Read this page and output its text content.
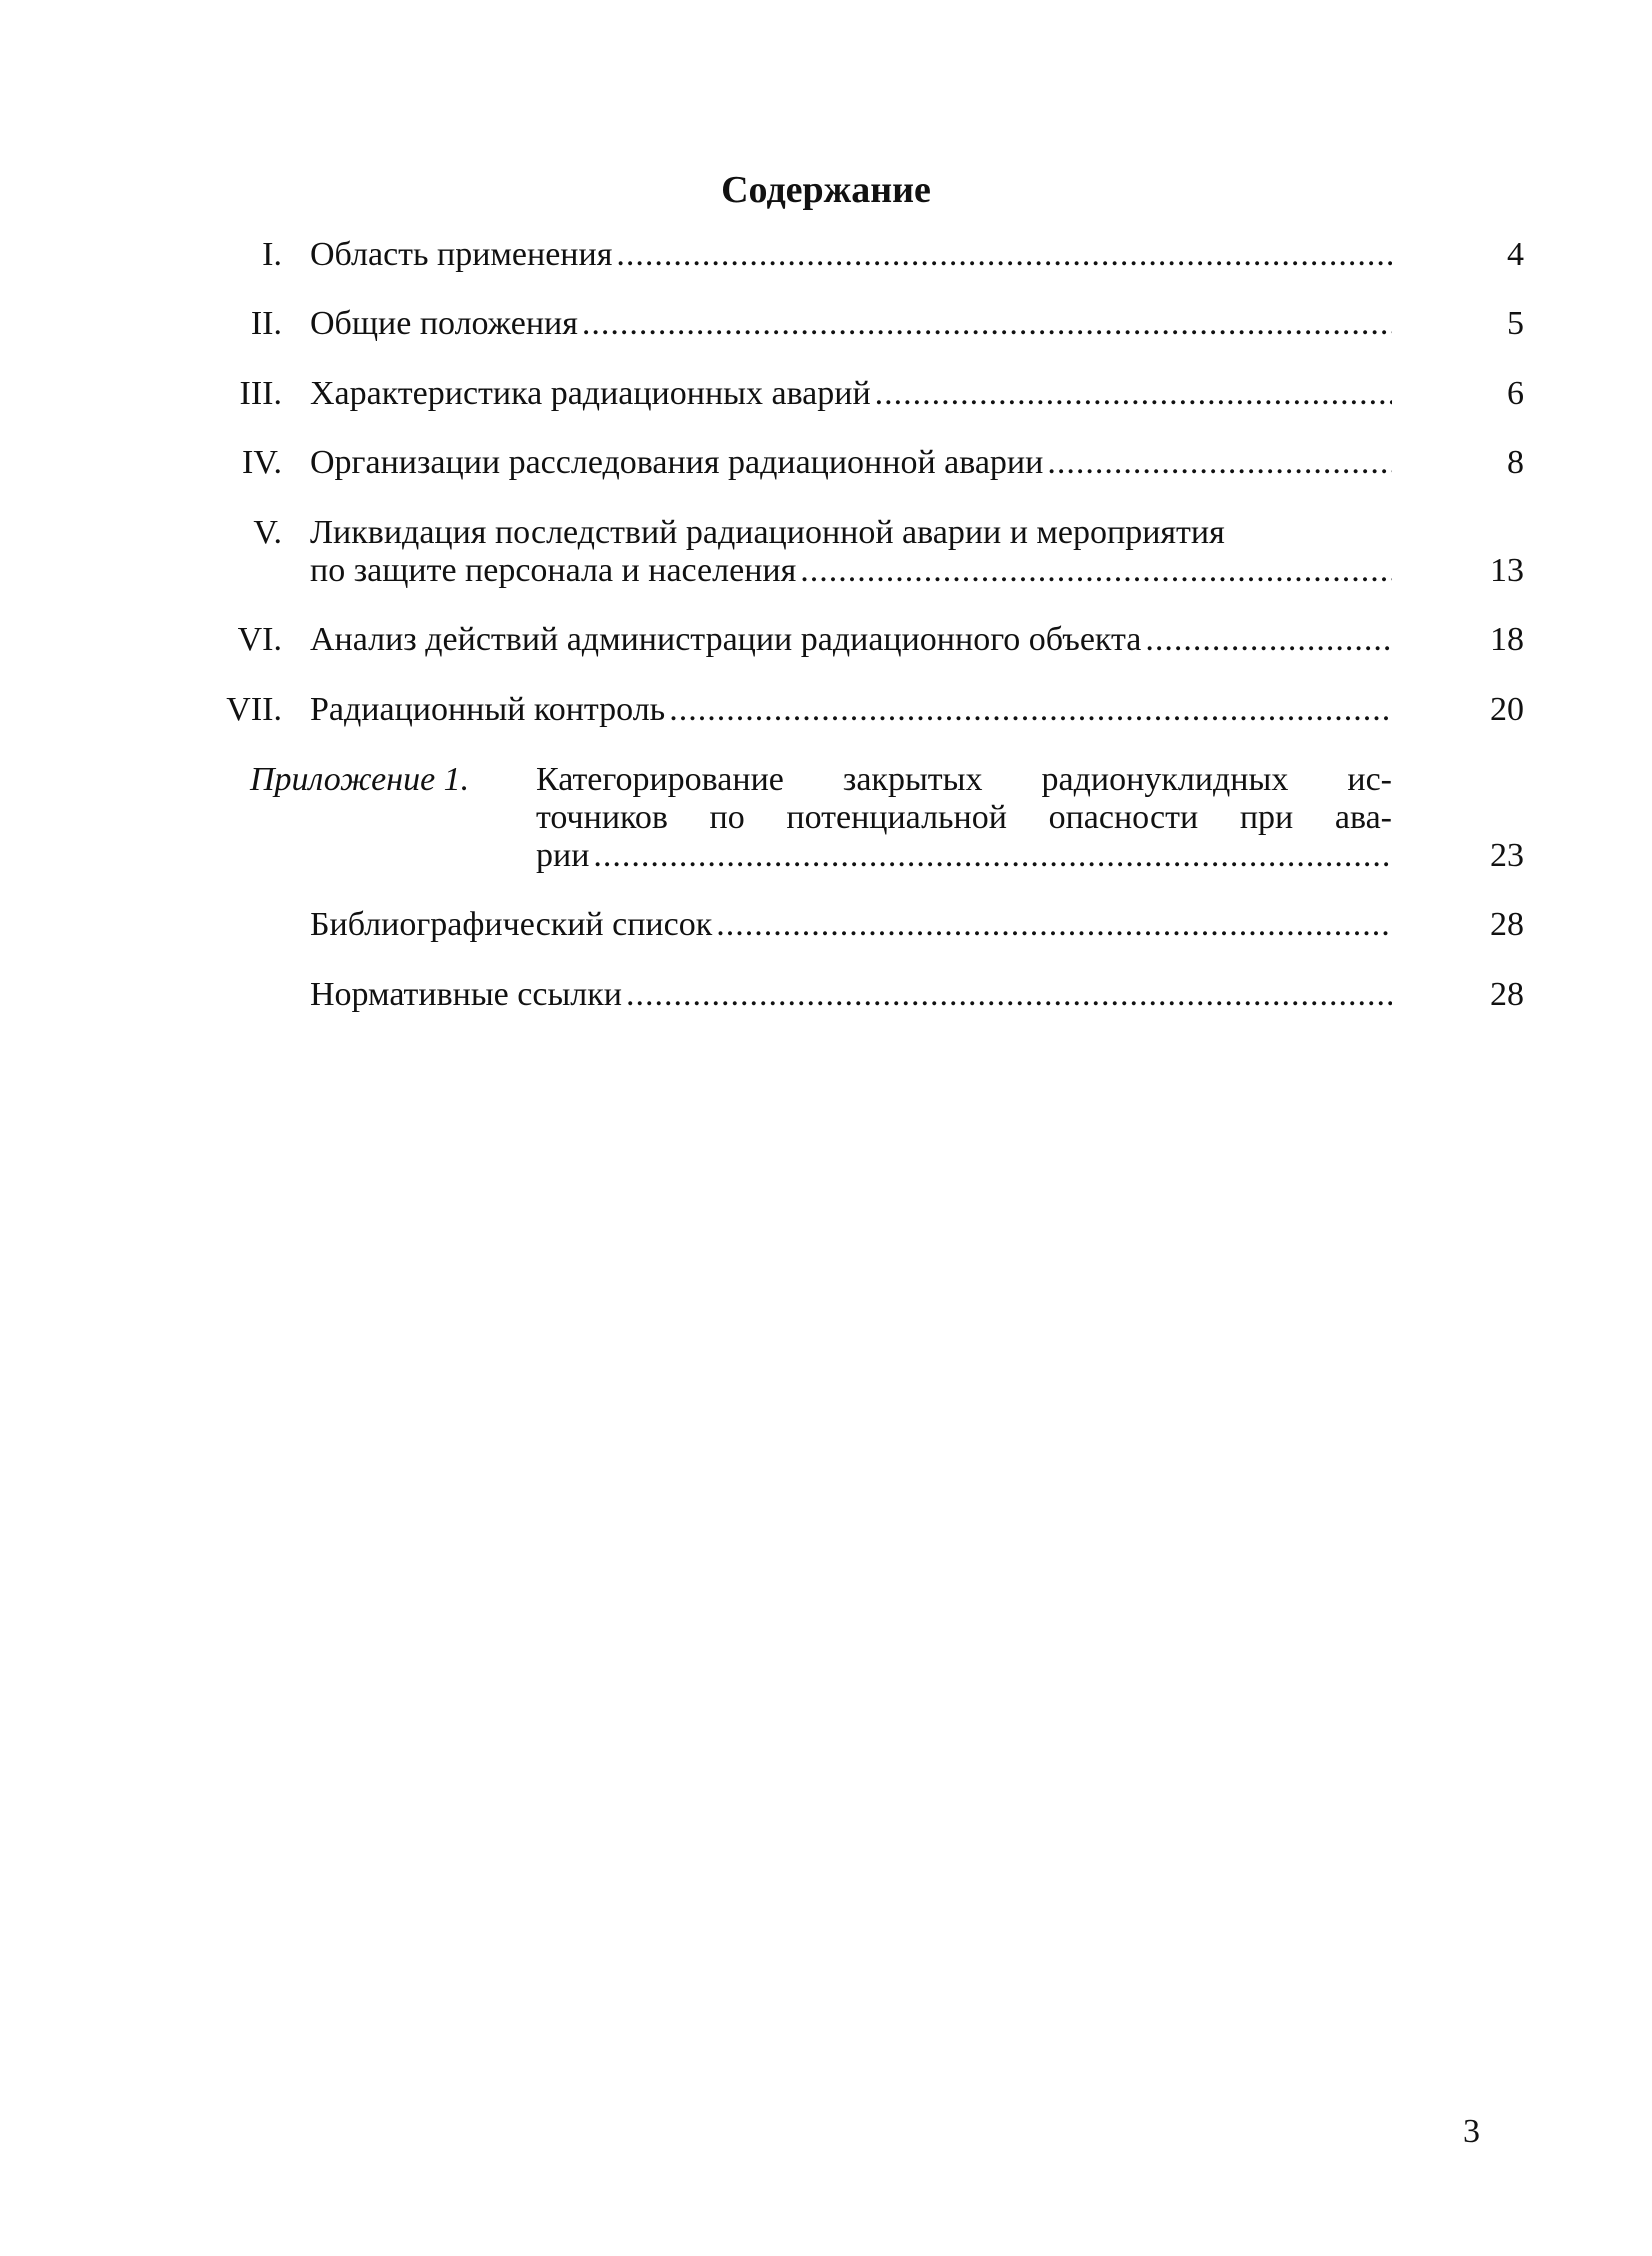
Содержание
I. Область применения .....	4
II. Общие положения .....	5
III. Характеристика радиационных аварий .....	6
IV. Организации расследования радиационной аварии .....	8
V. Ликвидация последствий радиационной аварии и мероприятия
по защите персонала и населения .....	13
VI. Анализ действий администрации радиационного объекта .....	18
VII. Радиационный контроль .....	20
Приложение 1. Категорирование закрытых радионуклидных ис-
точников по потенциальной опасности при ава-
рии .....	23
Библиографический список .....	28
Нормативные ссылки .....	28
3
